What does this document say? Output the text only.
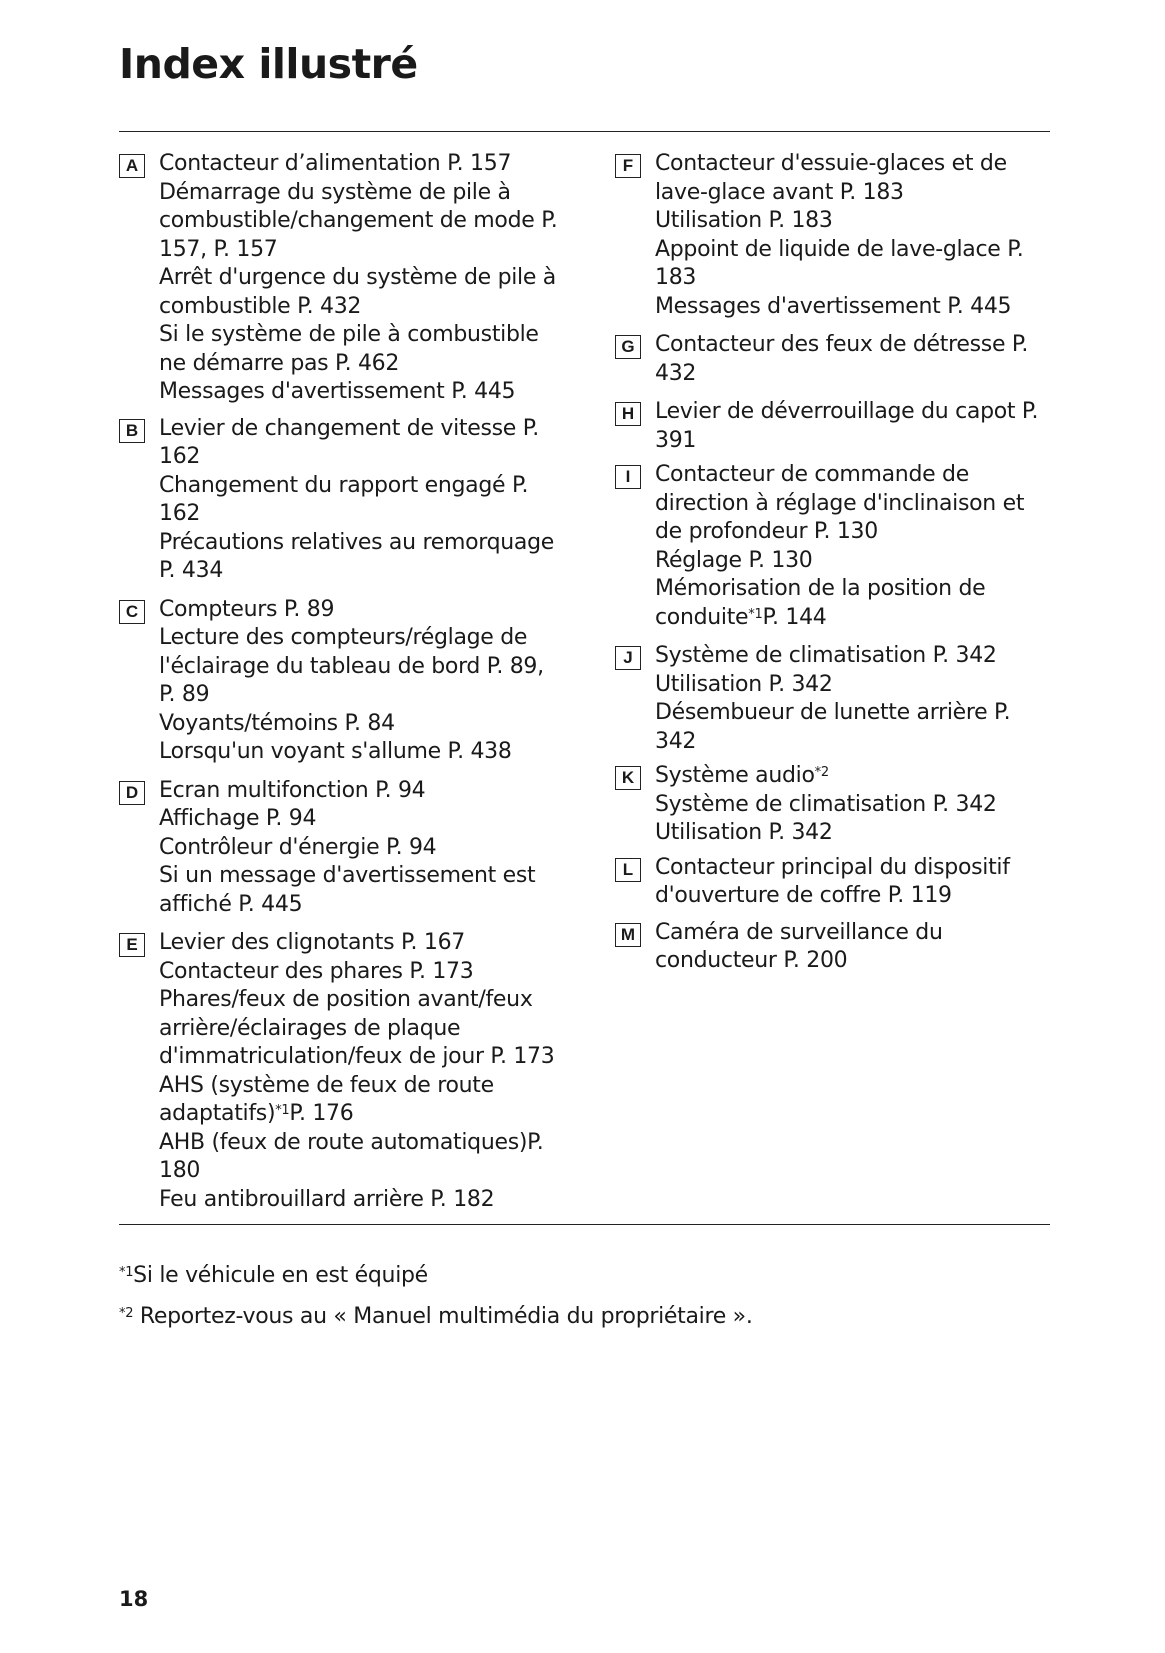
Index illustré
A Contacteur d’alimentation P. 157
Démarrage du système de pile à combustible/changement de mode P. 157, P. 157
Arrêt d'urgence du système de pile à combustible P. 432
Si le système de pile à combustible ne démarre pas P. 462
Messages d'avertissement P. 445
B Levier de changement de vitesse P. 162
Changement du rapport engagé P. 162
Précautions relatives au remorquage P. 434
C Compteurs P. 89
Lecture des compteurs/réglage de l'éclairage du tableau de bord P. 89, P. 89
Voyants/témoins P. 84
Lorsqu'un voyant s'allume P. 438
D Ecran multifonction P. 94
Affichage P. 94
Contrôleur d'énergie P. 94
Si un message d'avertissement est affiché P. 445
E Levier des clignotants P. 167
Contacteur des phares P. 173
Phares/feux de position avant/feux arrière/éclairages de plaque d'immatriculation/feux de jour P. 173
AHS (système de feux de route adaptatifs)$^{*1}$P. 176
AHB (feux de route automatiques)P. 180
Feu antibrouillard arrière P. 182
F Contacteur d'essuie-glaces et de lave-glace avant P. 183
Utilisation P. 183
Appoint de liquide de lave-glace P. 183
Messages d'avertissement P. 445
G Contacteur des feux de détresse P. 432
H Levier de déverrouillage du capot P. 391
I	Contacteur de commande de direction à réglage d'inclinaison et de profondeur P. 130
Réglage P. 130
Mémorisation de la position de conduite$^{*1}$P. 144
J	Système de climatisation P. 342
Utilisation P. 342
Désembueur de lunette arrière P. 342
K Système audio$^{*2}$
Système de climatisation P. 342
Utilisation P. 342
L Contacteur principal du dispositif d'ouverture de coffre P. 119
M Caméra de surveillance du conducteur P. 200
$^{*1}$Si le véhicule en est équipé
$^{*2}$ Reportez-vous au « Manuel multimédia du propriétaire ».
18
